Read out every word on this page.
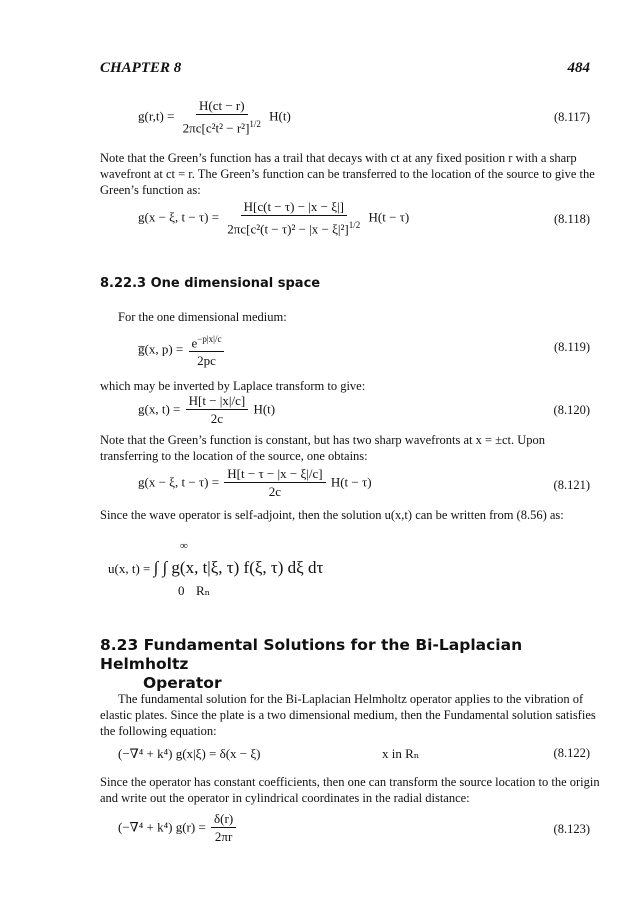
CHAPTER 8	484
$g(r,t) = \frac{H(ct - r)}{2\pi c[c^2t^2 - r^2]^{1/2}} H(t)$	(8.117)
Note that the Green’s function has a trail that decays with ct at any fixed position r with a sharp wavefront at ct = r. The Green’s function can be transferred to the location of the source to give the Green’s function as:
g(x − ξ, $t - \tau) = \frac{H[c(t - \tau) - |x - \xi|]}{2\pi c[c^2(t - \tau)^2 - |x - \xi|^2]^{1/2}} H(t - \tau)$	(8.118)
8.22.3 One dimensional space
For the one dimensional medium:
g̅(x, $p) = \frac{e^{-p|x|/c}}{2pc}$	(8.119)
which may be inverted by Laplace transform to give:
g(x, $t) = \frac{H[t - |x|/c]}{2c} H(t)$	(8.120)
Note that the Green’s function is constant, but has two sharp wavefronts at x = ±ct. Upon transferring to the location of the source, one obtains:
g(x − ξ, $t - \tau) = \frac{H[t - \tau - |x - \xi|/c]}{2c} H(t - \tau)$	(8.121)
Since the wave operator is self-adjoint, then the solution u(x,t) can be written from (8.56) as:
∞
u(x, t) = ∫ ∫ g(x, t|ξ, τ) f(ξ, τ) dξ dτ
0 Rₙ
8.23 Fundamental Solutions for the Bi-Laplacian Helmholtz
Operator
The fundamental solution for the Bi-Laplacian Helmholtz operator applies to the vibration of elastic plates. Since the plate is a two dimensional medium, then the Fundamental solution satisfies the following equation:
(−∇⁴ + k⁴) g(x|ξ) = δ(x − ξ)	x in Rₙ	(8.122)
Since the operator has constant coefficients, then one can transform the source location to the origin and write out the operator in cylindrical coordinates in the radial distance:
(−∇⁴ + k⁴) $g(r) = \frac{\delta(r)}{2\pi r}$	(8.123)
